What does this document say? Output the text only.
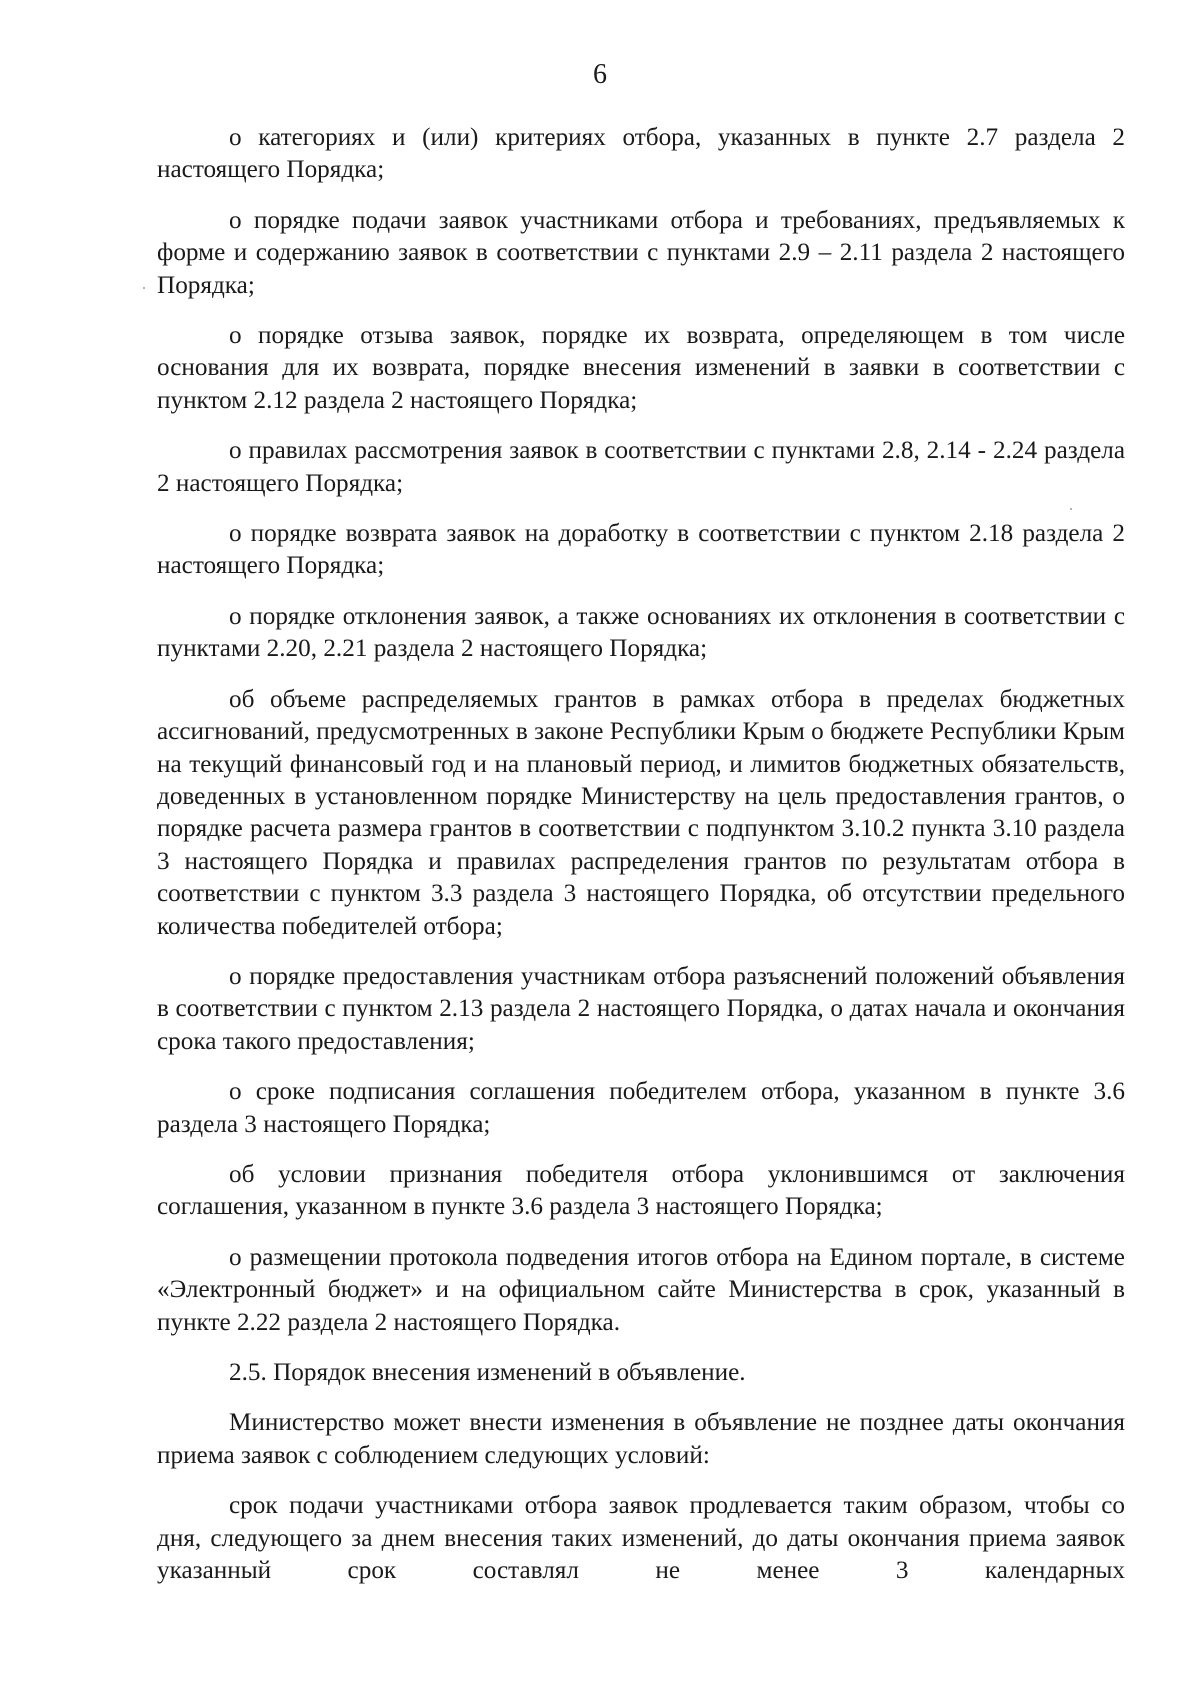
6

о категориях и (или) критериях отбора, указанных в пункте 2.7 раздела 2 настоящего Порядка;

о порядке подачи заявок участниками отбора и требованиях, предъявляемых к форме и содержанию заявок в соответствии с пунктами 2.9 – 2.11 раздела 2 настоящего Порядка;

о порядке отзыва заявок, порядке их возврата, определяющем в том числе основания для их возврата, порядке внесения изменений в заявки в соответствии с пунктом 2.12 раздела 2 настоящего Порядка;

о правилах рассмотрения заявок в соответствии с пунктами 2.8, 2.14 - 2.24 раздела 2 настоящего Порядка;

о порядке возврата заявок на доработку в соответствии с пунктом 2.18 раздела 2 настоящего Порядка;

о порядке отклонения заявок, а также основаниях их отклонения в соответствии с пунктами 2.20, 2.21 раздела 2 настоящего Порядка;

об объеме распределяемых грантов в рамках отбора в пределах бюджетных ассигнований, предусмотренных в законе Республики Крым о бюджете Республики Крым на текущий финансовый год и на плановый период, и лимитов бюджетных обязательств, доведенных в установленном порядке Министерству на цель предоставления грантов, о порядке расчета размера грантов в соответствии с подпунктом 3.10.2 пункта 3.10 раздела 3 настоящего Порядка и правилах распределения грантов по результатам отбора в соответствии с пунктом 3.3 раздела 3 настоящего Порядка, об отсутствии предельного количества победителей отбора;

о порядке предоставления участникам отбора разъяснений положений объявления в соответствии с пунктом 2.13 раздела 2 настоящего Порядка, о датах начала и окончания срока такого предоставления;

о сроке подписания соглашения победителем отбора, указанном в пункте 3.6 раздела 3 настоящего Порядка;

об условии признания победителя отбора уклонившимся от заключения соглашения, указанном в пункте 3.6 раздела 3 настоящего Порядка;

о размещении протокола подведения итогов отбора на Едином портале, в системе «Электронный бюджет» и на официальном сайте Министерства в срок, указанный в пункте 2.22 раздела 2 настоящего Порядка.

2.5. Порядок внесения изменений в объявление.

Министерство может внести изменения в объявление не позднее даты окончания приема заявок с соблюдением следующих условий:

срок подачи участниками отбора заявок продлевается таким образом, чтобы со дня, следующего за днем внесения таких изменений, до даты окончания приема заявок указанный срок составлял не менее 3 календарных
